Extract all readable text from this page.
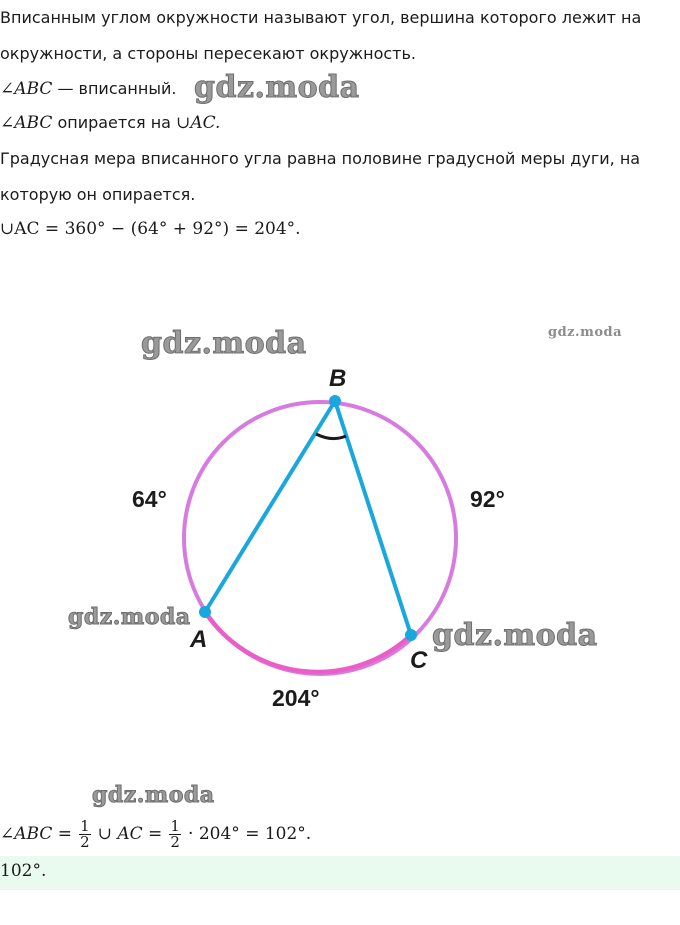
Вписанным углом окружности называют угол, вершина которого лежит на

окружности, а стороны пересекают окружность.

∠ABC — вписанный.

∠ABC опирается на ∪AC.

Градусная мера вписанного угла равна половине градусной меры дуги, на

которую он опирается.

∪AC = 360° − (64° + 92°) = 204°.

gdz.moda
gdz.moda	gdz.moda
gdz.moda
gdz.moda
gdz.moda
B
A
C
64°	92°
204°

∠ABC = $\frac{1}{2}$ ∪ AC = $\frac{1}{2} \cdot 204^\circ = 102^\circ$.

102°.
